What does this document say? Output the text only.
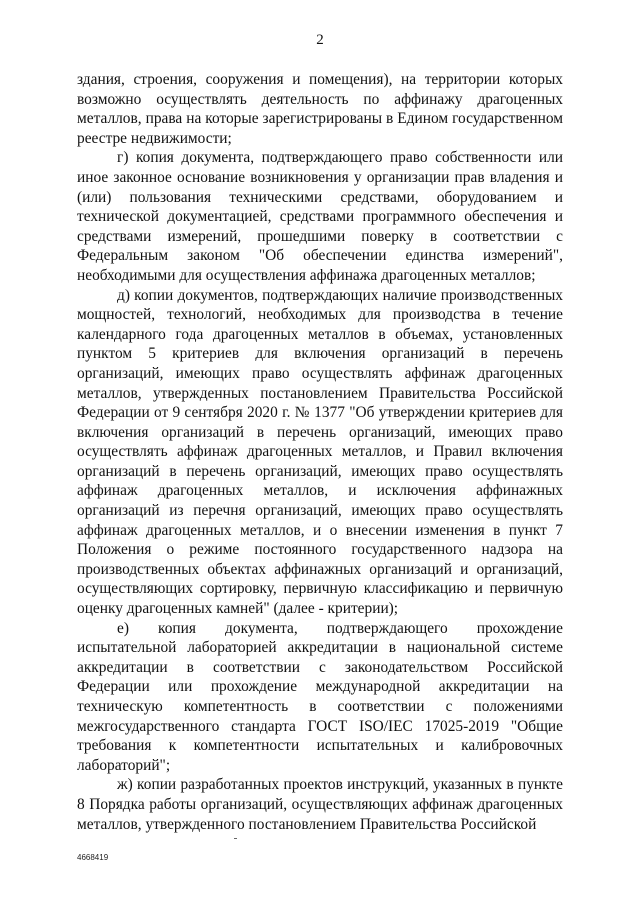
2

здания, строения, сооружения и помещения), на территории которых возможно осуществлять деятельность по аффинажу драгоценных металлов, права на которые зарегистрированы в Едином государственном реестре недвижимости;

г) копия документа, подтверждающего право собственности или иное законное основание возникновения у организации прав владения и (или) пользования техническими средствами, оборудованием и технической документацией, средствами программного обеспечения и средствами измерений, прошедшими поверку в соответствии с Федеральным законом "Об обеспечении единства измерений", необходимыми для осуществления аффинажа драгоценных металлов;

д) копии документов, подтверждающих наличие производственных мощностей, технологий, необходимых для производства в течение календарного года драгоценных металлов в объемах, установленных пунктом 5 критериев для включения организаций в перечень организаций, имеющих право осуществлять аффинаж драгоценных металлов, утвержденных постановлением Правительства Российской Федерации от 9 сентября 2020 г. № 1377 "Об утверждении критериев для включения организаций в перечень организаций, имеющих право осуществлять аффинаж драгоценных металлов, и Правил включения организаций в перечень организаций, имеющих право осуществлять аффинаж драгоценных металлов, и исключения аффинажных организаций из перечня организаций, имеющих право осуществлять аффинаж драгоценных металлов, и о внесении изменения в пункт 7 Положения о режиме постоянного государственного надзора на производственных объектах аффинажных организаций и организаций, осуществляющих сортировку, первичную классификацию и первичную оценку драгоценных камней" (далее - критерии);

е) копия документа, подтверждающего прохождение испытательной лабораторией аккредитации в национальной системе аккредитации в соответствии с законодательством Российской Федерации или прохождение международной аккредитации на техническую компетентность в соответствии с положениями межгосударственного стандарта ГОСТ ISO/IEC 17025-2019 "Общие требования к компетентности испытательных и калибровочных лабораторий";

ж) копии разработанных проектов инструкций, указанных в пункте 8 Порядка работы организаций, осуществляющих аффинаж драгоценных металлов, утвержденного постановлением Правительства Российской

4668419
